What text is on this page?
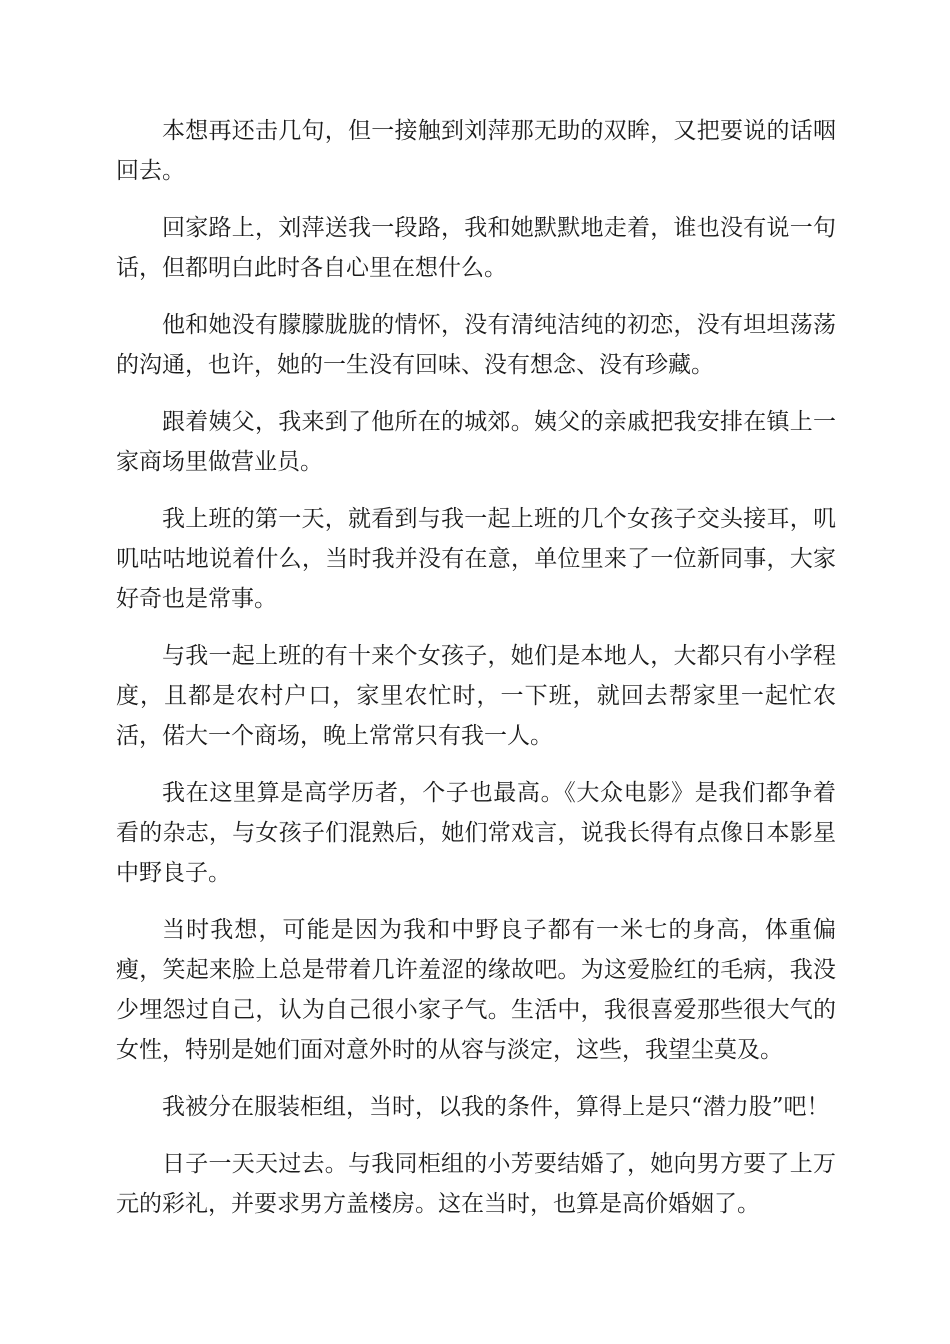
本想再还击几句，但一接触到刘萍那无助的双眸，又把要说的话咽回去。

回家路上，刘萍送我一段路，我和她默默地走着，谁也没有说一句话，但都明白此时各自心里在想什么。

他和她没有朦朦胧胧的情怀，没有清纯洁纯的初恋，没有坦坦荡荡的沟通，也许，她的一生没有回味、没有想念、没有珍藏。

跟着姨父，我来到了他所在的城郊。姨父的亲戚把我安排在镇上一家商场里做营业员。

我上班的第一天，就看到与我一起上班的几个女孩子交头接耳，叽叽咕咕地说着什么，当时我并没有在意，单位里来了一位新同事，大家好奇也是常事。

与我一起上班的有十来个女孩子，她们是本地人，大都只有小学程度，且都是农村户口，家里农忙时，一下班，就回去帮家里一起忙农活，偌大一个商场，晚上常常只有我一人。

我在这里算是高学历者，个子也最高。《大众电影》是我们都争着看的杂志，与女孩子们混熟后，她们常戏言，说我长得有点像日本影星中野良子。

当时我想，可能是因为我和中野良子都有一米七的身高，体重偏瘦，笑起来脸上总是带着几许羞涩的缘故吧。为这爱脸红的毛病，我没少埋怨过自己，认为自己很小家子气。生活中，我很喜爱那些很大气的女性，特别是她们面对意外时的从容与淡定，这些，我望尘莫及。

我被分在服装柜组，当时，以我的条件，算得上是只“潜力股”吧！

日子一天天过去。与我同柜组的小芳要结婚了，她向男方要了上万元的彩礼，并要求男方盖楼房。这在当时，也算是高价婚姻了。
